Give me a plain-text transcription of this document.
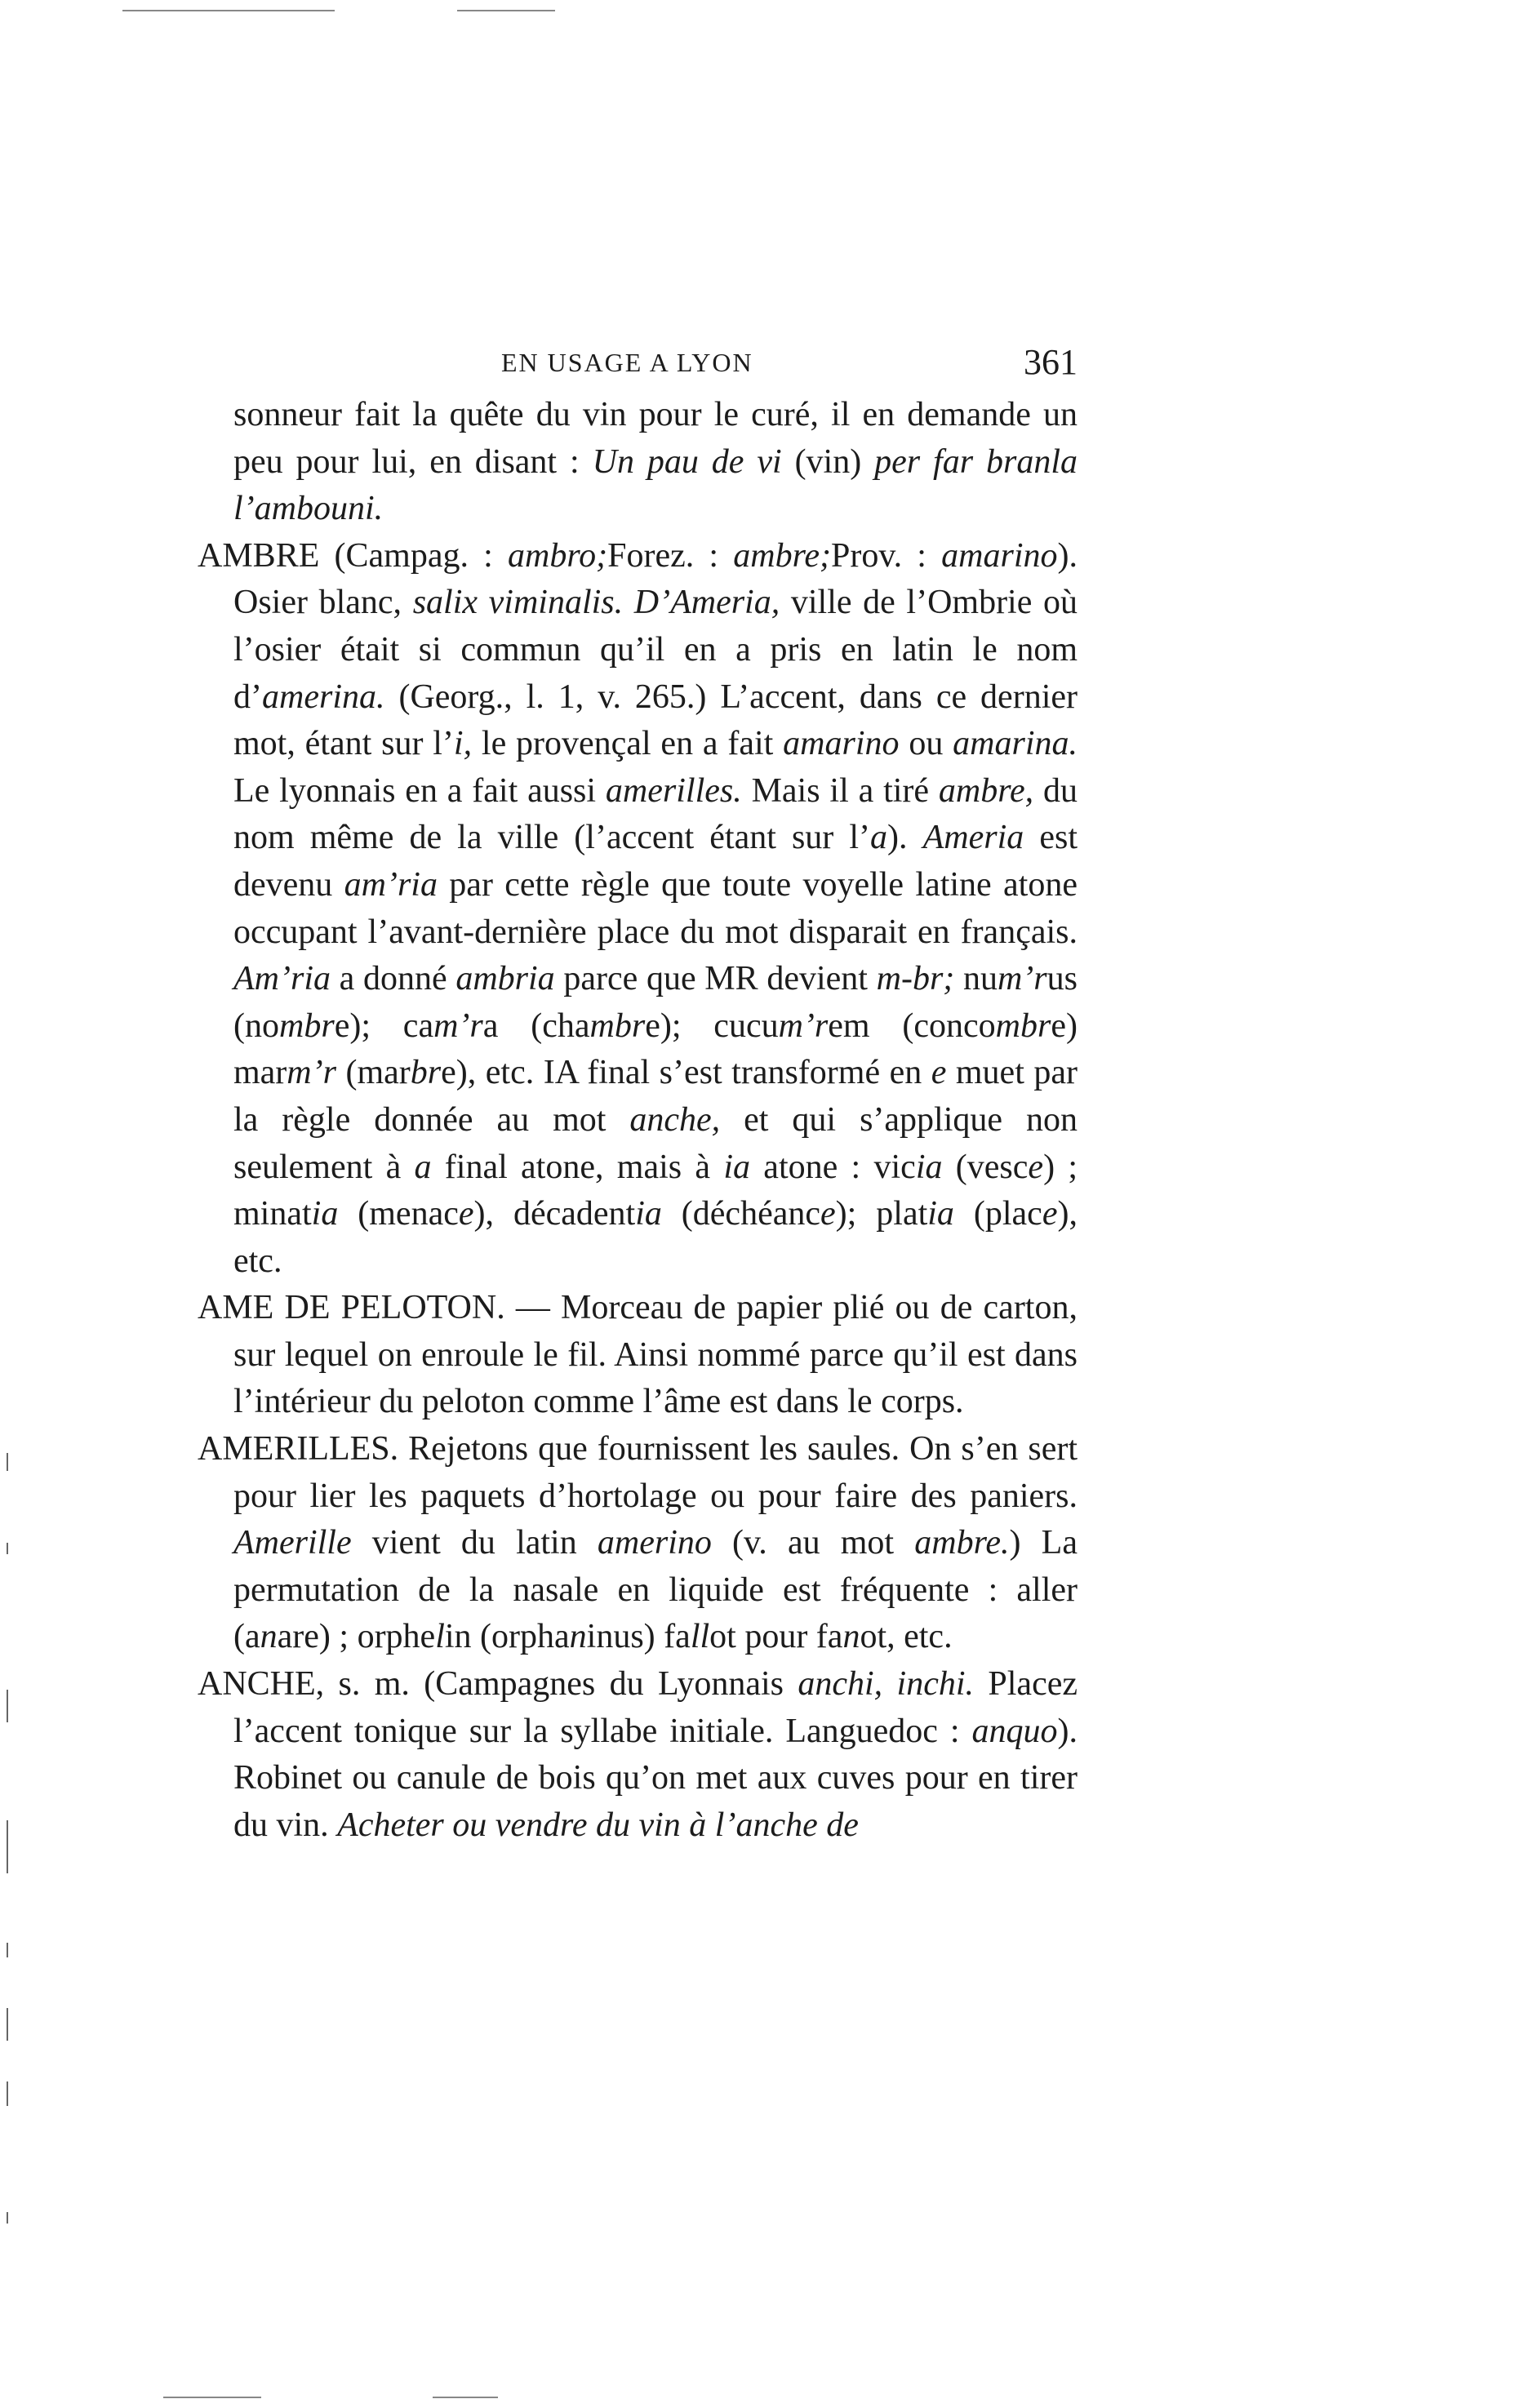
EN USAGE A LYON	361

sonneur fait la quête du vin pour le curé, il en demande un peu pour lui, en disant : Un pau de vi (vin) per far branla l’ambouni.

AMBRE (Campag. : ambro;Forez. : ambre;Prov. : amarino). Osier blanc, salix viminalis. D’Ameria, ville de l’Ombrie où l’osier était si commun qu’il en a pris en latin le nom d’amerina. (Georg., l. 1, v. 265.) L’accent, dans ce dernier mot, étant sur l’i, le provençal en a fait amarino ou amarina. Le lyonnais en a fait aussi amerilles. Mais il a tiré ambre, du nom même de la ville (l’accent étant sur l’a). Ameria est devenu am’ria par cette règle que toute voyelle latine atone occupant l’avant-dernière place du mot disparait en français. Am’ria a donné ambria parce que MR devient m-br; num’rus (nombre); cam’ra (chambre); cucum’rem (concombre) marm’r (marbre), etc. IA final s’est transformé en e muet par la règle donnée au mot anche, et qui s’applique non seulement à a final atone, mais à ia atone : vicia (vesce) ; minatia (menace), décadentia (déchéance); platia (place), etc.

AME DE PELOTON. — Morceau de papier plié ou de carton, sur lequel on enroule le fil. Ainsi nommé parce qu’il est dans l’intérieur du peloton comme l’âme est dans le corps.

AMERILLES. Rejetons que fournissent les saules. On s’en sert pour lier les paquets d’hortolage ou pour faire des paniers. Amerille vient du latin amerino (v. au mot ambre.) La permutation de la nasale en liquide est fréquente : aller (anare) ; orphelin (orphaninus) fallot pour fanot, etc.

ANCHE, s. m. (Campagnes du Lyonnais anchi, inchi. Placez l’accent tonique sur la syllabe initiale. Languedoc : anquo). Robinet ou canule de bois qu’on met aux cuves pour en tirer du vin. Acheter ou vendre du vin à l’anche de
